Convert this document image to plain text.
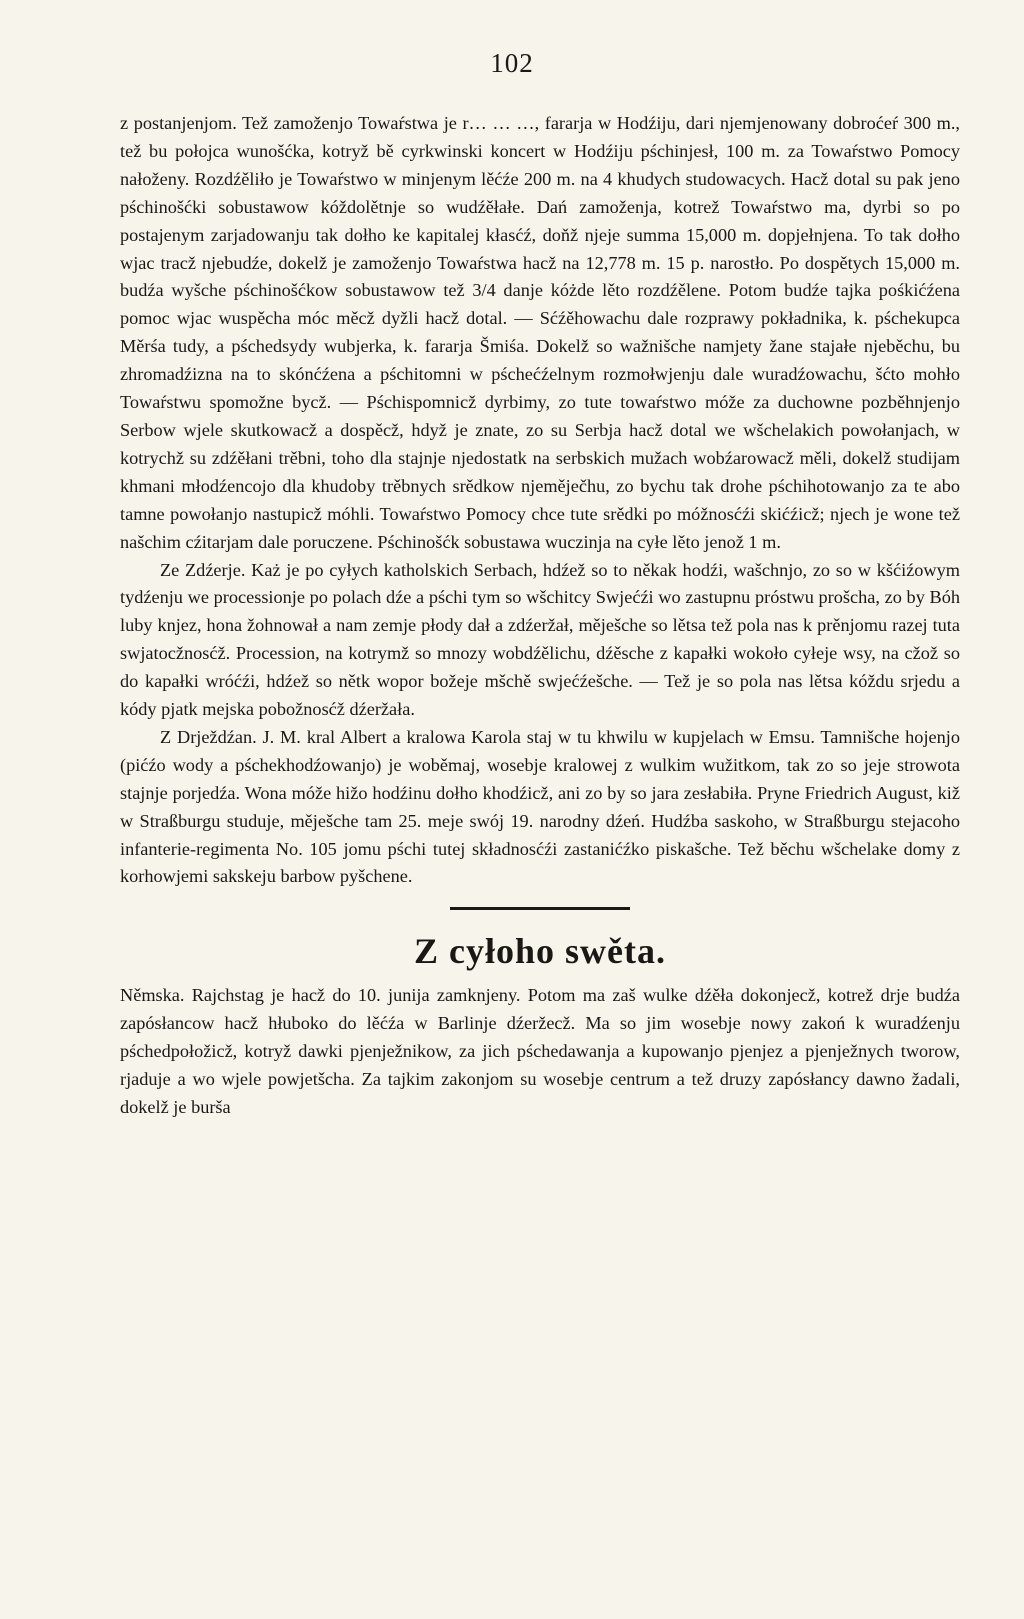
102

z postanjenjom. Tež zamoženjo Towaŕstwa je r… … …, fararja w Hodźiju, dari njemjenowany dobroćeŕ 300 m., tež bu połojca wunošćka, kotryž bě cyrkwinski koncert w Hodźiju pśchinjesł, 100 m. za Towaŕstwo Pomocy nałoženy. Rozdźěliło je Towaŕstwo w minjenym lěćźe 200 m. na 4 khudych studowacych. Hacž dotal su pak jeno pśchinošćki sobustawow kóždolětnje so wudźěłałe. Dań zamoženja, kotrež Towaŕstwo ma, dyrbi so po postajenym zarjadowanju tak dołho ke kapitalej kłasćź, doňž njeje summa 15,000 m. dopjełnjena. To tak dołho wjac tracž njebudźe, dokelž je zamoženjo Towaŕstwa hacž na 12,778 m. 15 p. narostło. Po dospětych 15,000 m. budźa wyšche pśchinošćkow sobustawow tež 3/4 danje kóżde lěto rozdźělene. Potom budźe tajka pośkićźena pomoc wjac wuspěcha móc měcž dyžli hacž dotal. — Sćźěhowachu dale rozprawy pokładnika, k. pśchekupca Měrśa tudy, a pśchedsydy wubjerka, k. fararja Šmiśa. Dokelž so wažnišche namjety žane stajałe njeběchu, bu zhromadźizna na to skónćźena a pśchitomni w pśchećźelnym rozmołwjenju dale wuradźowachu, šćto mohło Towaŕstwu spomožne bycž. — Pśchispomnicž dyrbimy, zo tute towaŕstwo móže za duchowne pozběhnjenjo Serbow wjele skutkowacž a dospěcž, hdyž je znate, zo su Serbja hacž dotal we wšchelakich powołanjach, w kotrychž su zdźěłani trěbni, toho dla stajnje njedostatk na serbskich mužach wobźarowacž měli, dokelž studijam khmani młodźencojo dla khudoby trěbnych srědkow njeměječhu, zo bychu tak drohe pśchihotowanjo za te abo tamne powołanjo nastupicž móhli. Towaŕstwo Pomocy chce tute srědki po móžnosćźi skićźicž; njech je wone tež našchim cźitarjam dale poruczene. Pśchinošćk sobustawa wuczinja na cyłe lěto jenož 1 m.

Ze Zdźerje. Każ je po cyłych katholskich Serbach, hdźež so to někak hodźi, wašchnjo, zo so w kšćiźowym tydźenju we processionje po polach dźe a pśchi tym so wšchitcy Swjećźi wo zastupnu próstwu prošcha, zo by Bóh luby knjez, hona žohnował a nam zemje płody dał a zdźeržał, měješche so lětsa tež pola nas k prěnjomu razej tuta swjatocžnosćž. Procession, na kotrymž so mnozy wobdźělichu, dźěsche z kapałki wokoło cyłeje wsy, na cžož so do kapałki wróćźi, hdźež so nětk wopor božeje mšchě swjećźešche. — Tež je so pola nas lětsa kóždu srjedu a kódy pjatk mejska pobožnosćž dźeržała.

Z Drježdźan. J. M. kral Albert a kralowa Karola staj w tu khwilu w kupjelach w Emsu. Tamnišche hojenjo (pićźo wody a pśchekhodźowanjo) je woběmaj, wosebje kralowej z wulkim wužitkom, tak zo so jeje strowota stajnje porjedźa. Wona móže hižo hodźinu dołho khodźicž, ani zo by so jara zesłabiła. Pryne Friedrich August, kiž w Straßburgu studuje, měješche tam 25. meje swój 19. narodny dźeń. Hudźba saskoho, w Straßburgu stejacoho infanterie-regimenta No. 105 jomu pśchi tutej składnosćźi zastanićźko piskašche. Tež běchu wšchelake domy z korhowjemi sakskeju barbow pyšchene.

Z cyłoho swěta.

Němska. Rajchstag je hacž do 10. junija zamknjeny. Potom ma zaš wulke dźěła dokonjecž, kotrež drje budźa zapósłancow hacž hłuboko do lěćźa w Barlinje dźeržecž. Ma so jim wosebje nowy zakoń k wuradźenju pśchedpołožicž, kotryž dawki pjenježnikow, za jich pśchedawanja a kupowanjo pjenjez a pjenježnych tworow, rjaduje a wo wjele powjetšcha. Za tajkim zakonjom su wosebje centrum a tež druzy zapósłancy dawno žadali, dokelž je burša
